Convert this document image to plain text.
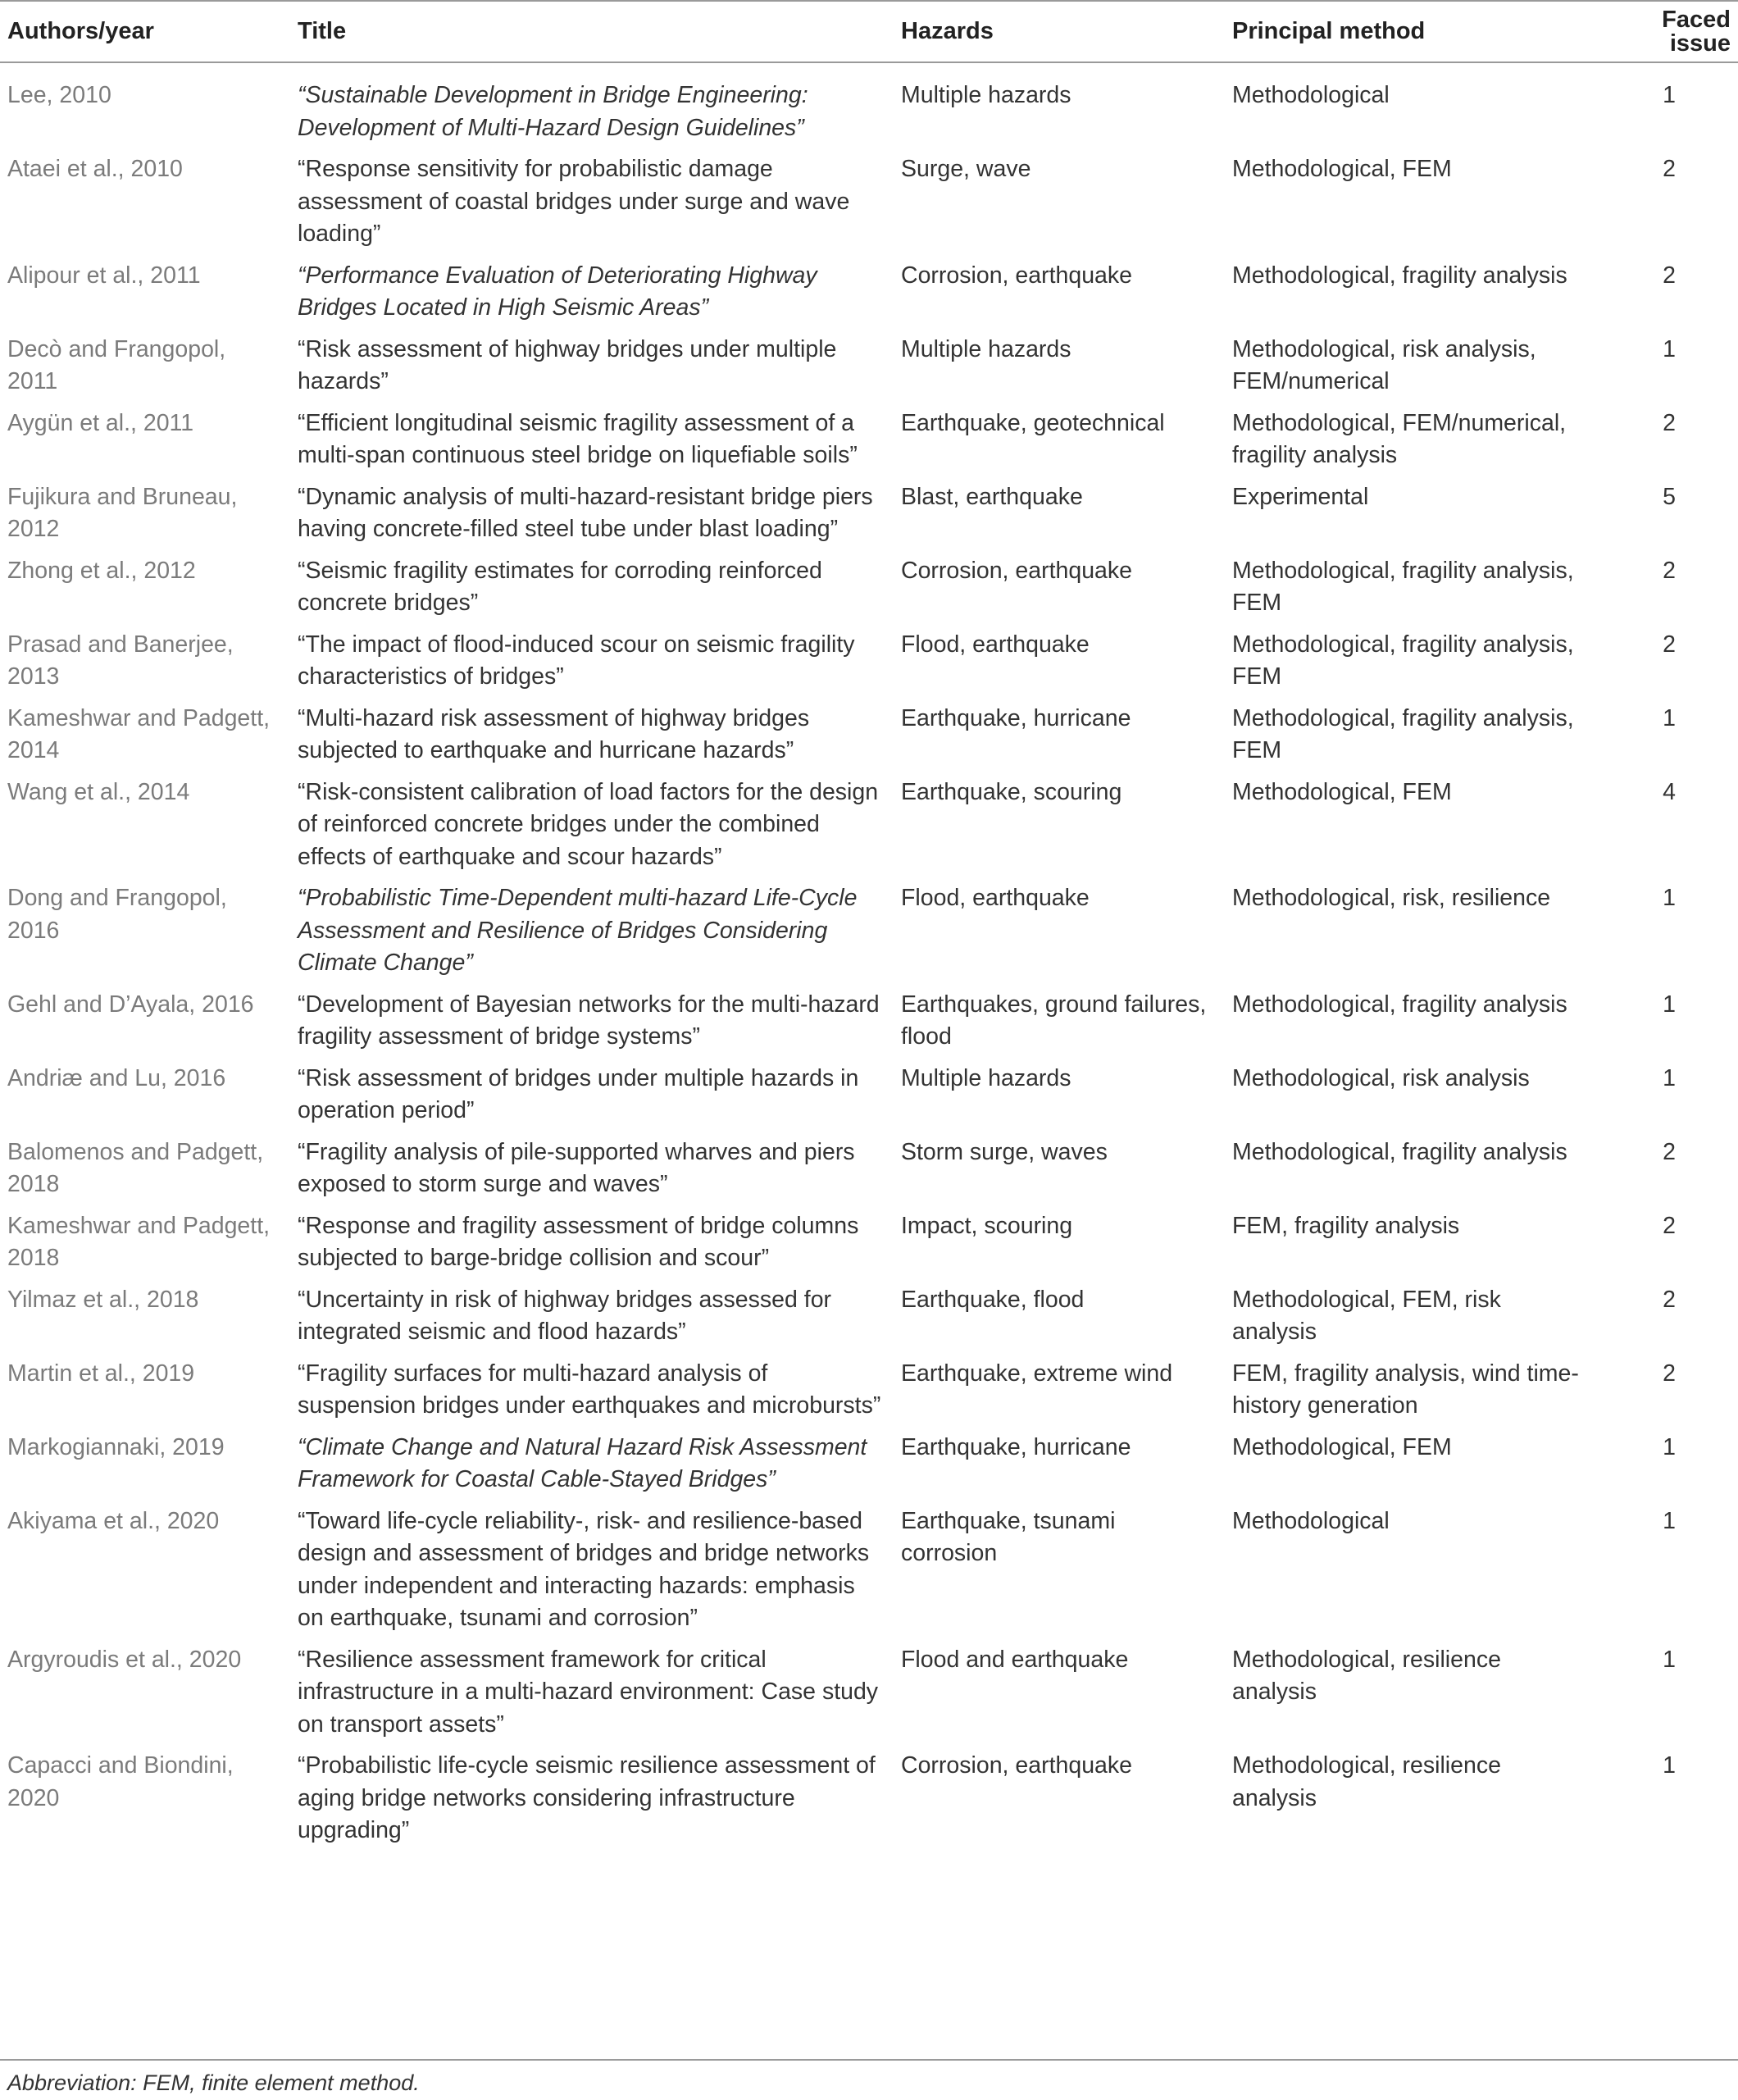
Authors/year	Title	Hazards	Principal method	Faced issue
Lee, 2010	“Sustainable Development in Bridge Engineering: Development of Multi-Hazard Design Guidelines”	Multiple hazards	Methodological	1
Ataei et al., 2010	“Response sensitivity for probabilistic damage assessment of coastal bridges under surge and wave loading”	Surge, wave	Methodological, FEM	2
Alipour et al., 2011	“Performance Evaluation of Deteriorating Highway Bridges Located in High Seismic Areas”	Corrosion, earthquake	Methodological, fragility analysis	2
Decò and Frangopol, 2011	“Risk assessment of highway bridges under multiple hazards”	Multiple hazards	Methodological, risk analysis, FEM/numerical	1
Aygün et al., 2011	“Efficient longitudinal seismic fragility assessment of a multi-span continuous steel bridge on liquefiable soils”	Earthquake, geotechnical	Methodological, FEM/numerical, fragility analysis	2
Fujikura and Bruneau, 2012	“Dynamic analysis of multi-hazard-resistant bridge piers having concrete-filled steel tube under blast loading”	Blast, earthquake	Experimental	5
Zhong et al., 2012	“Seismic fragility estimates for corroding reinforced concrete bridges”	Corrosion, earthquake	Methodological, fragility analysis, FEM	2
Prasad and Banerjee, 2013	“The impact of flood-induced scour on seismic fragility characteristics of bridges”	Flood, earthquake	Methodological, fragility analysis, FEM	2
Kameshwar and Padgett, 2014	“Multi-hazard risk assessment of highway bridges subjected to earthquake and hurricane hazards”	Earthquake, hurricane	Methodological, fragility analysis, FEM	1
Wang et al., 2014	“Risk-consistent calibration of load factors for the design of reinforced concrete bridges under the combined effects of earthquake and scour hazards”	Earthquake, scouring	Methodological, FEM	4
Dong and Frangopol, 2016	“Probabilistic Time-Dependent multi-hazard Life-Cycle Assessment and Resilience of Bridges Considering Climate Change”	Flood, earthquake	Methodological, risk, resilience	1
Gehl and D’Ayala, 2016	“Development of Bayesian networks for the multi-hazard fragility assessment of bridge systems”	Earthquakes, ground failures, flood	Methodological, fragility analysis	1
Andriæ and Lu, 2016	“Risk assessment of bridges under multiple hazards in operation period”	Multiple hazards	Methodological, risk analysis	1
Balomenos and Padgett, 2018	“Fragility analysis of pile-supported wharves and piers exposed to storm surge and waves”	Storm surge, waves	Methodological, fragility analysis	2
Kameshwar and Padgett, 2018	“Response and fragility assessment of bridge columns subjected to barge-bridge collision and scour”	Impact, scouring	FEM, fragility analysis	2
Yilmaz et al., 2018	“Uncertainty in risk of highway bridges assessed for integrated seismic and flood hazards”	Earthquake, flood	Methodological, FEM, risk analysis	2
Martin et al., 2019	“Fragility surfaces for multi-hazard analysis of suspension bridges under earthquakes and microbursts”	Earthquake, extreme wind	FEM, fragility analysis, wind time-history generation	2
Markogiannaki, 2019	“Climate Change and Natural Hazard Risk Assessment Framework for Coastal Cable-Stayed Bridges”	Earthquake, hurricane	Methodological, FEM	1
Akiyama et al., 2020	“Toward life-cycle reliability-, risk- and resilience-based design and assessment of bridges and bridge networks under independent and interacting hazards: emphasis on earthquake, tsunami and corrosion”	Earthquake, tsunami corrosion	Methodological	1
Argyroudis et al., 2020	“Resilience assessment framework for critical infrastructure in a multi-hazard environment: Case study on transport assets”	Flood and earthquake	Methodological, resilience analysis	1
Capacci and Biondini, 2020	“Probabilistic life-cycle seismic resilience assessment of aging bridge networks considering infrastructure upgrading”	Corrosion, earthquake	Methodological, resilience analysis	1
Abbreviation: FEM, finite element method.
